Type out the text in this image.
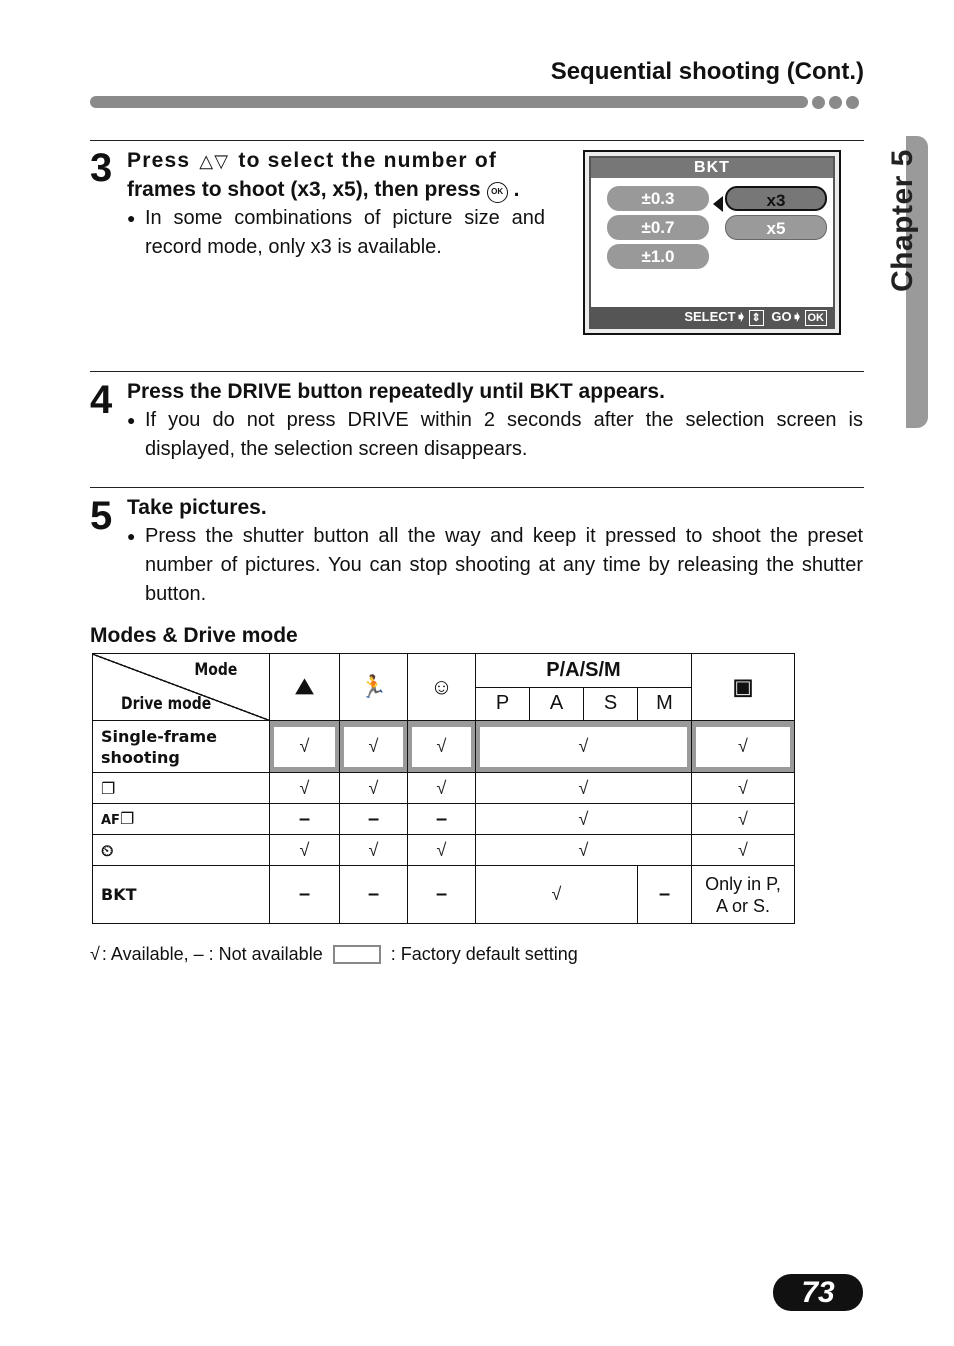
Sequential shooting (Cont.)
Chapter 5
3 Press △▽ to select the number of
frames to shoot (x3, x5), then press OK .
● In some combinations of picture size and record mode, only x3 is available.
BKT
±0.3
±0.7
±1.0
x3
x5
SELECT➧ ⇕ GO➧ OK
4 Press the DRIVE button repeatedly until BKT appears.
● If you do not press DRIVE within 2 seconds after the selection screen is displayed, the selection screen disappears.
5 Take pictures.
● Press the shutter button all the way and keep it pressed to shoot the preset number of pictures. You can stop shooting at any time by releasing the shutter button.
Modes & Drive mode
Mode
Drive mode	⛰	🏃	☺	P/A/S/M				▣
				P	A	S	M	
Single-frame shooting	√	√	√	√				√

❐	√	√	√	√				√
AF❐	–	–	–	√				√
⏲	√	√	√	√				√
BKT	–	–	–	√			–	Only in P, A or S.
√ : Available, – : Not available	: Factory default setting
73
